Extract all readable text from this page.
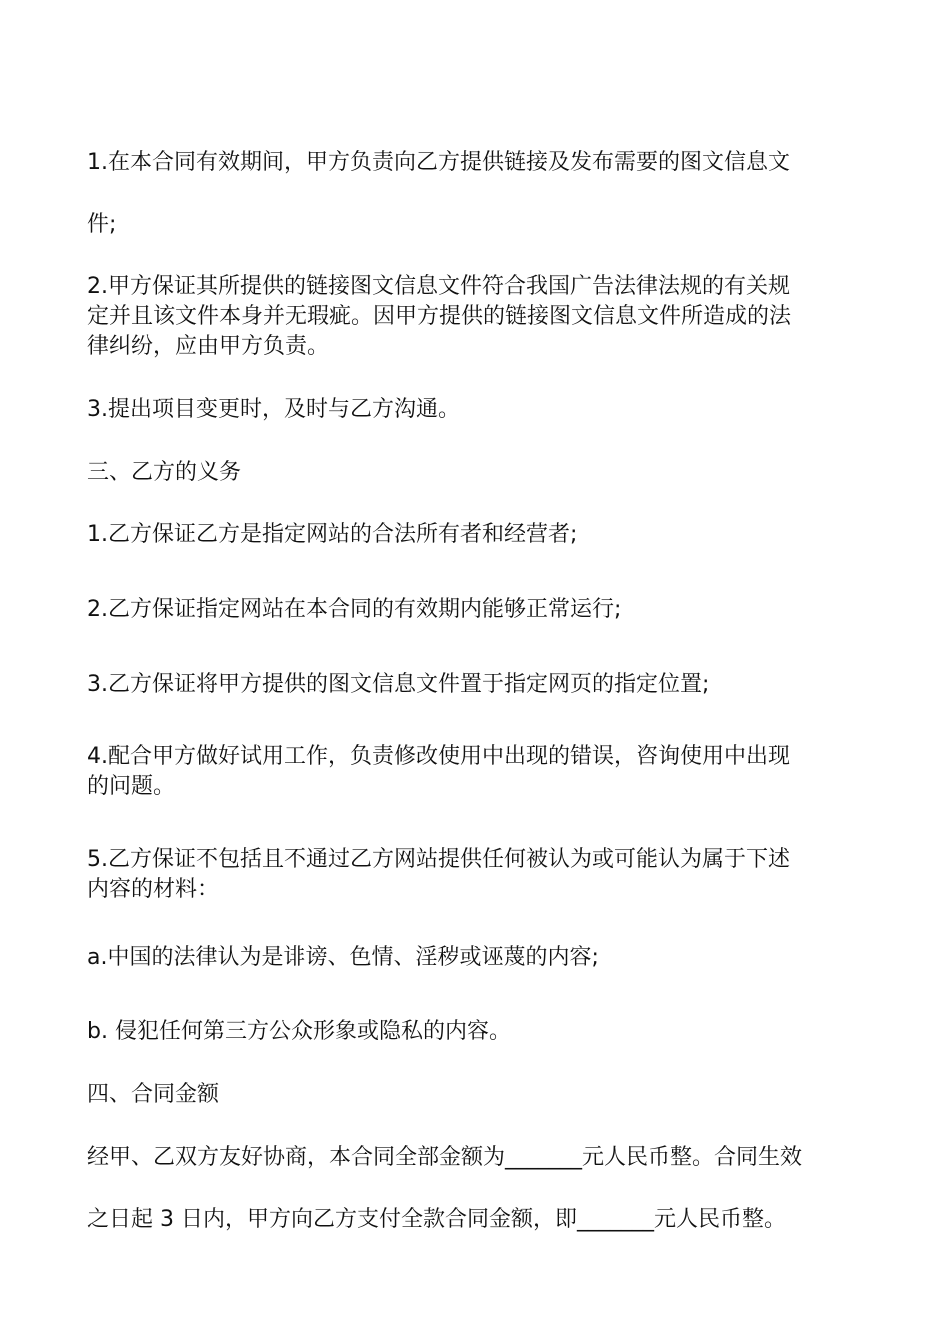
1.在本合同有效期间，甲方负责向乙方提供链接及发布需要的图文信息文
件;

2.甲方保证其所提供的链接图文信息文件符合我国广告法律法规的有关规
定并且该文件本身并无瑕疵。因甲方提供的链接图文信息文件所造成的法
律纠纷，应由甲方负责。

3.提出项目变更时，及时与乙方沟通。

三、乙方的义务

1.乙方保证乙方是指定网站的合法所有者和经营者;

2.乙方保证指定网站在本合同的有效期内能够正常运行;

3.乙方保证将甲方提供的图文信息文件置于指定网页的指定位置;

4.配合甲方做好试用工作，负责修改使用中出现的错误，咨询使用中出现
的问题。

5.乙方保证不包括且不通过乙方网站提供任何被认为或可能认为属于下述
内容的材料：

a.中国的法律认为是诽谤、色情、淫秽或诬蔑的内容;

b. 侵犯任何第三方公众形象或隐私的内容。

四、合同金额

经甲、乙双方友好协商，本合同全部金额为_______元人民币整。合同生效
之日起 3 日内，甲方向乙方支付全款合同金额，即_______元人民币整。
